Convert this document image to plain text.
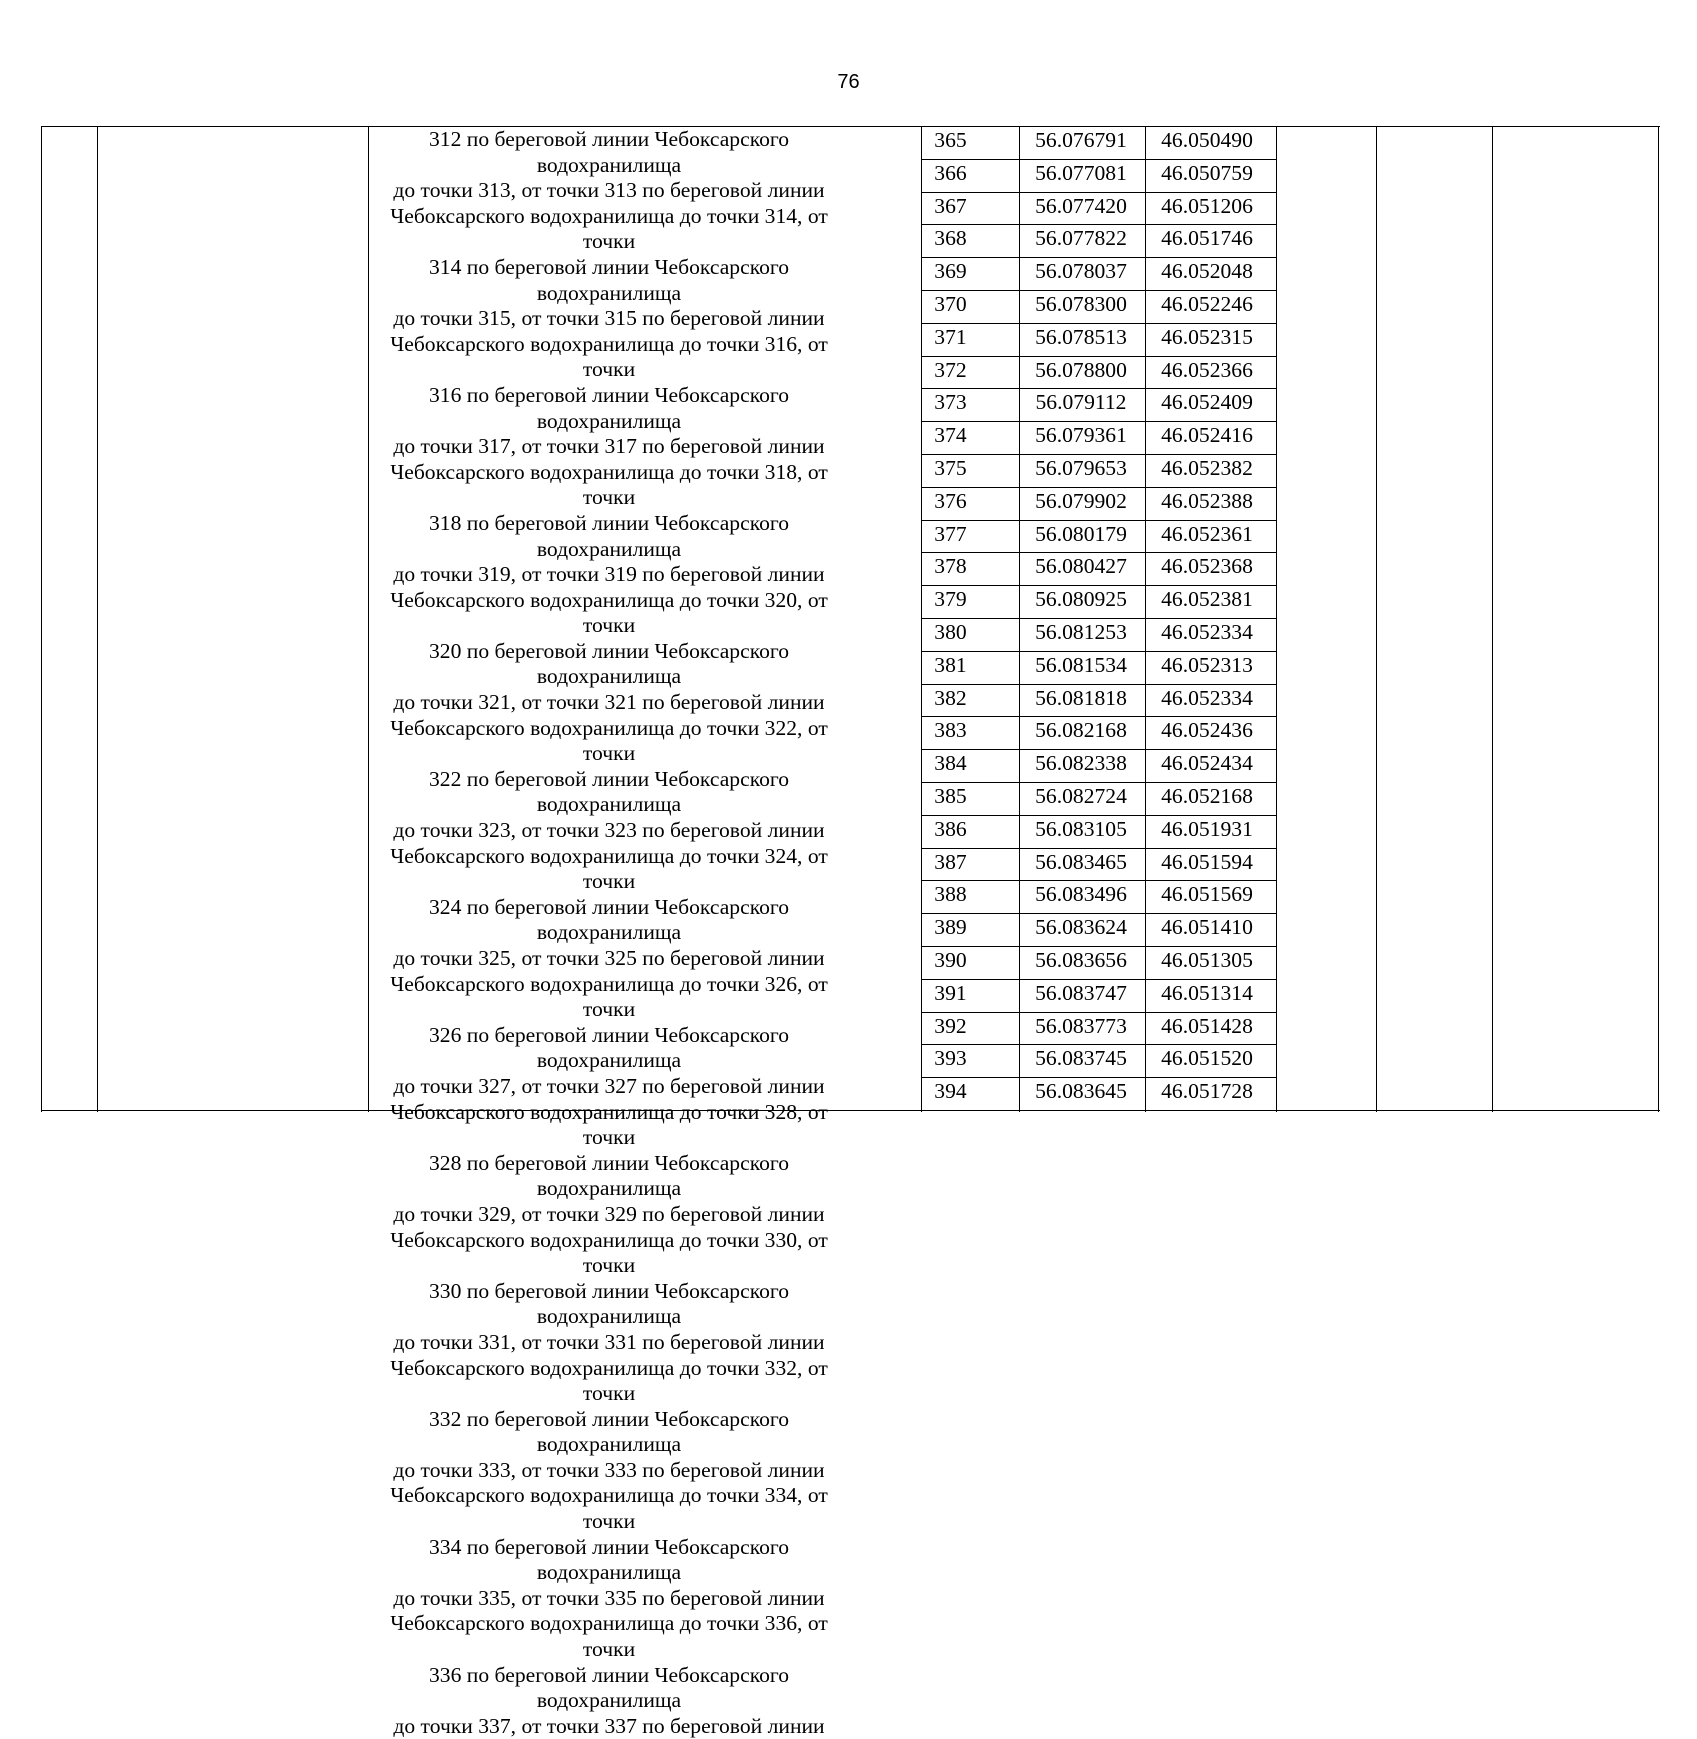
76
312 по береговой линии Чебоксарского водохранилища
до точки 313, от точки 313 по береговой линии
Чебоксарского водохранилища до точки 314, от точки
314 по береговой линии Чебоксарского водохранилища
до точки 315, от точки 315 по береговой линии
Чебоксарского водохранилища до точки 316, от точки
316 по береговой линии Чебоксарского водохранилища
до точки 317, от точки 317 по береговой линии
Чебоксарского водохранилища до точки 318, от точки
318 по береговой линии Чебоксарского водохранилища
до точки 319, от точки 319 по береговой линии
Чебоксарского водохранилища до точки 320, от точки
320 по береговой линии Чебоксарского водохранилища
до точки 321, от точки 321 по береговой линии
Чебоксарского водохранилища до точки 322, от точки
322 по береговой линии Чебоксарского водохранилища
до точки 323, от точки 323 по береговой линии
Чебоксарского водохранилища до точки 324, от точки
324 по береговой линии Чебоксарского водохранилища
до точки 325, от точки 325 по береговой линии
Чебоксарского водохранилища до точки 326, от точки
326 по береговой линии Чебоксарского водохранилища
до точки 327, от точки 327 по береговой линии
Чебоксарского водохранилища до точки 328, от точки
328 по береговой линии Чебоксарского водохранилища
до точки 329, от точки 329 по береговой линии
Чебоксарского водохранилища до точки 330, от точки
330 по береговой линии Чебоксарского водохранилища
до точки 331, от точки 331 по береговой линии
Чебоксарского водохранилища до точки 332, от точки
332 по береговой линии Чебоксарского водохранилища
до точки 333, от точки 333 по береговой линии
Чебоксарского водохранилища до точки 334, от точки
334 по береговой линии Чебоксарского водохранилища
до точки 335, от точки 335 по береговой линии
Чебоксарского водохранилища до точки 336, от точки
336 по береговой линии Чебоксарского водохранилища
до точки 337, от точки 337 по береговой линии
365	56.076791	46.050490
366	56.077081	46.050759
367	56.077420	46.051206
368	56.077822	46.051746
369	56.078037	46.052048
370	56.078300	46.052246
371	56.078513	46.052315
372	56.078800	46.052366
373	56.079112	46.052409
374	56.079361	46.052416
375	56.079653	46.052382
376	56.079902	46.052388
377	56.080179	46.052361
378	56.080427	46.052368
379	56.080925	46.052381
380	56.081253	46.052334
381	56.081534	46.052313
382	56.081818	46.052334
383	56.082168	46.052436
384	56.082338	46.052434
385	56.082724	46.052168
386	56.083105	46.051931
387	56.083465	46.051594
388	56.083496	46.051569
389	56.083624	46.051410
390	56.083656	46.051305
391	56.083747	46.051314
392	56.083773	46.051428
393	56.083745	46.051520
394	56.083645	46.051728
